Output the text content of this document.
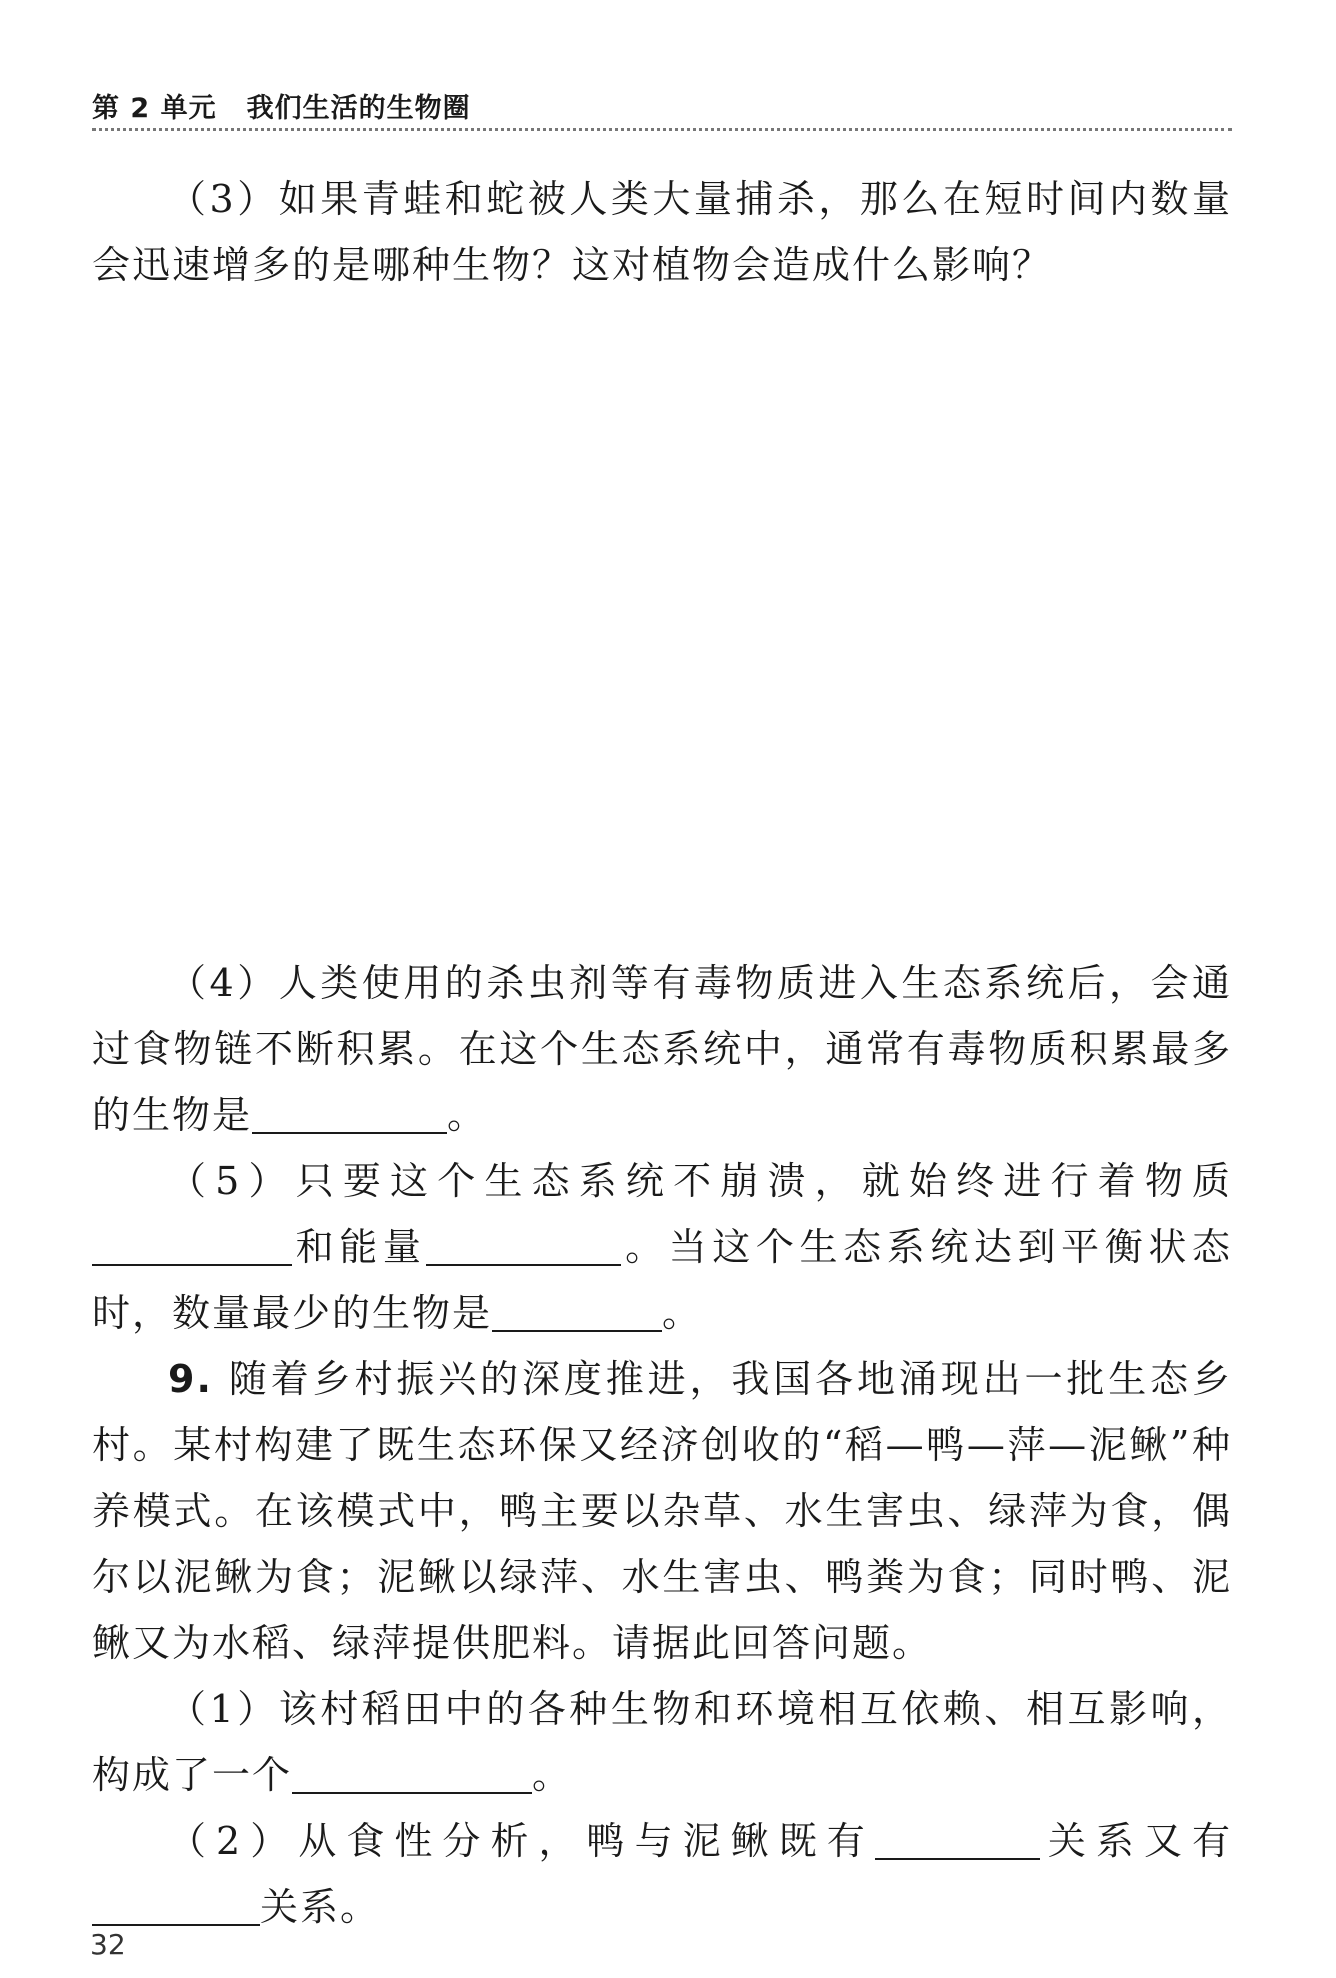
第 2 单元 我们生活的生物圈

（3）如果青蛙和蛇被人类大量捕杀，那么在短时间内数量会迅速增多的是哪种生物？这对植物会造成什么影响？

（4）人类使用的杀虫剂等有毒物质进入生态系统后，会通过食物链不断积累。在这个生态系统中，通常有毒物质积累最多的生物是	。

（5）只要这个生态系统不崩溃，就始终进行着物质和能量	。当这个生态系统达到平衡状态时，数量最少的生物是	。

9. 随着乡村振兴的深度推进，我国各地涌现出一批生态乡村。某村构建了既生态环保又经济创收的“稻—鸭—萍—泥鳅”种养模式。在该模式中，鸭主要以杂草、水生害虫、绿萍为食，偶尔以泥鳅为食；泥鳅以绿萍、水生害虫、鸭粪为食；同时鸭、泥鳅又为水稻、绿萍提供肥料。请据此回答问题。

（1）该村稻田中的各种生物和环境相互依赖、相互影响，构成了一个	。

（2）从食性分析，鸭与泥鳅既有	关系又有关系。

32
